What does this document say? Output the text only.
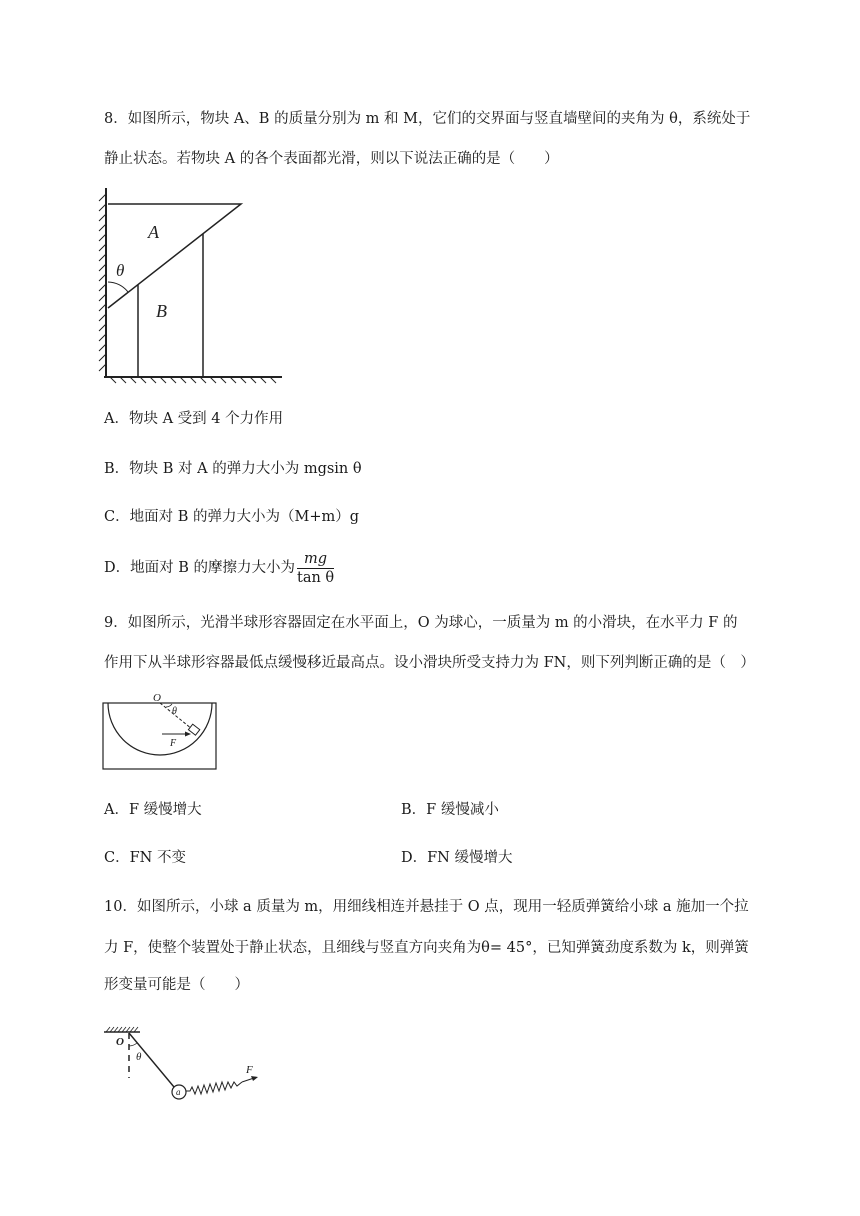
8．如图所示，物块 A、B 的质量分别为 m 和 M，它们的交界面与竖直墙壁间的夹角为 θ，系统处于
静止状态。若物块 A 的各个表面都光滑，则以下说法正确的是（　　）
A
B
θ
A．物块 A 受到 4 个力作用
B．物块 B 对 A 的弹力大小为 mgsin θ
C．地面对 B 的弹力大小为（M+m）g
D．地面对 B 的摩擦力大小为 $\frac{mg}{\text{tan θ}}$
9．如图所示，光滑半球形容器固定在水平面上，O 为球心，一质量为 m 的小滑块，在水平力 F 的
作用下从半球形容器最低点缓慢移近最高点。设小滑块所受支持力为 FN，则下列判断正确的是（　）
O
θ
F
A．F 缓慢增大	B．F 缓慢减小
C．FN 不变	D．FN 缓慢增大
10．如图所示，小球 a 质量为 m，用细线相连并悬挂于 O 点，现用一轻质弹簧给小球 a 施加一个拉
力 F，使整个装置处于静止状态，且细线与竖直方向夹角为θ= 45°，已知弹簧劲度系数为 k，则弹簧
形变量可能是（　　）
O
θ
a
F
